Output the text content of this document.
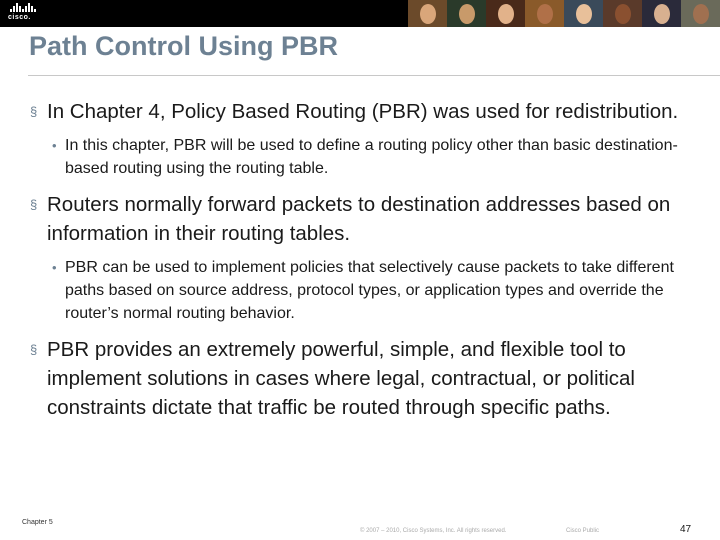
cisco.
Path Control Using PBR
§ In Chapter 4, Policy Based Routing (PBR) was used for redistribution.
• In this chapter, PBR will be used to define a routing policy other than basic destination-based routing using the routing table.
§ Routers normally forward packets to destination addresses based on information in their routing tables.
• PBR can be used to implement policies that selectively cause packets to take different paths based on source address, protocol types, or application types and override the router’s normal routing behavior.
§ PBR provides an extremely powerful, simple, and flexible tool to implement solutions in cases where legal, contractual, or political constraints dictate that traffic be routed through specific paths.
Chapter 5
© 2007 – 2010, Cisco Systems, Inc. All rights reserved.	Cisco Public	47
